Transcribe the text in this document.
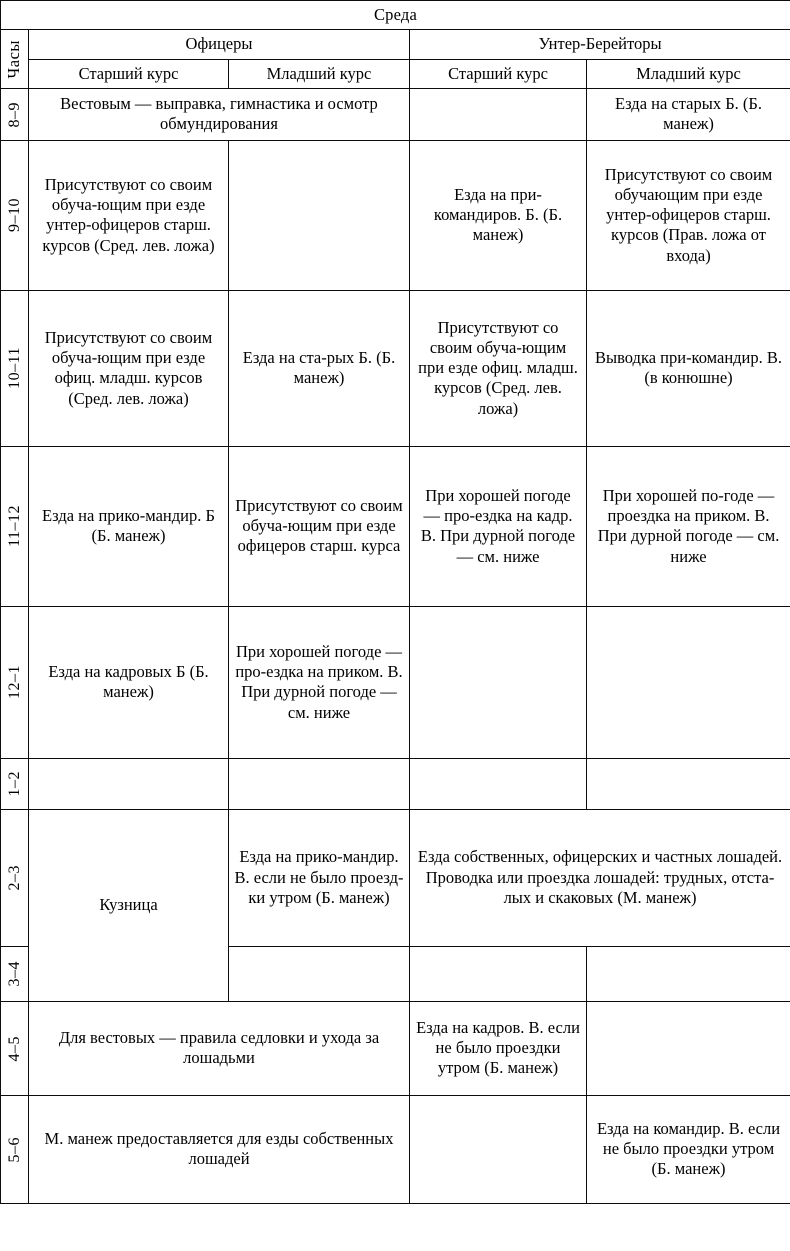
Среда				

Часы	Офицеры		Унтер-Берейторы	
	Старший курс	Младший курс	Старший курс	Младший курс

8–9	Вестовым — выправка, гимнастика и осмотр обмундирования			Езда на старых Б. (Б. манеж)

9–10	Присутствуют со своим обуча-ющим при езде унтер-офицеров старш. курсов (Сред. лев. ложа)		Езда на при-командиров. Б. (Б. манеж)	Присутствуют со своим обучающим при езде унтер-офицеров старш. курсов (Прав. ложа от входа)

10–11	Присутствуют со своим обуча-ющим при езде офиц. младш. курсов (Сред. лев. ложа)	Езда на ста-рых Б. (Б. манеж)	Присутствуют со своим обуча-ющим при езде офиц. младш. курсов (Сред. лев. ложа)	Выводка при-командир. В. (в конюшне)

11–12	Езда на прико-мандир. Б (Б. манеж)	Присутствуют со своим обуча-ющим при езде офицеров старш. курса	При хорошей погоде — про-ездка на кадр. В. При дурной погоде — см. ниже	При хорошей по-годе — проездка на приком. В. При дурной погоде — см. ниже

12–1	Езда на кадровых Б (Б. манеж)	При хорошей погоде — про-ездка на приком. В. При дурной погоде — см. ниже		

1–2				

2–3	Кузница	Езда на прико-мандир. В. если не было проезд-ки утром (Б. манеж)	Езда собственных, офицерских и частных лошадей. Проводка или проездка лошадей: трудных, отста-лых и скаковых (М. манеж)	

3–4				

4–5	Для вестовых — правила седловки и ухода за лошадьми		Езда на кадров. В. если не было проездки утром (Б. манеж)	

5–6	М. манеж предоставляется для езды собственных лошадей			Езда на командир. В. если не было проездки утром (Б. манеж)
